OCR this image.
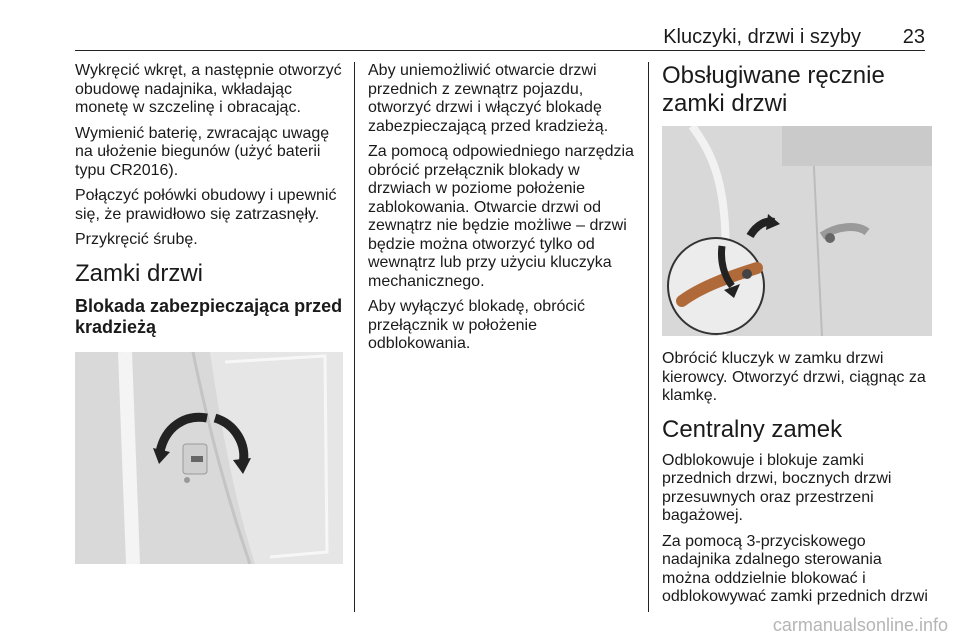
Kluczyki, drzwi i szyby 23

Wykręcić wkręt, a następnie otworzyć obudowę nadajnika, wkładając monetę w szczelinę i obracając.

Wymienić baterię, zwracając uwagę na ułożenie biegunów (użyć baterii typu CR2016).

Połączyć połówki obudowy i upewnić się, że prawidłowo się zatrzasnęły.

Przykręcić śrubę.

Zamki drzwi
Blokada zabezpieczająca przed kradzieżą

Aby uniemożliwić otwarcie drzwi przednich z zewnątrz pojazdu, otworzyć drzwi i włączyć blokadę zabezpieczającą przed kradzieżą.

Za pomocą odpowiedniego narzędzia obrócić przełącznik blokady w drzwiach w poziome położenie zablokowania. Otwarcie drzwi od zewnątrz nie będzie możliwe – drzwi będzie można otworzyć tylko od wewnątrz lub przy użyciu kluczyka mechanicznego.

Aby wyłączyć blokadę, obrócić przełącznik w położenie odblokowania.

Obsługiwane ręcznie zamki drzwi

Obrócić kluczyk w zamku drzwi kierowcy. Otworzyć drzwi, ciągnąc za klamkę.

Centralny zamek

Odblokowuje i blokuje zamki przednich drzwi, bocznych drzwi przesuwnych oraz przestrzeni bagażowej.

Za pomocą 3-przyciskowego nadajnika zdalnego sterowania można oddzielnie blokować i odblokowywać zamki przednich drzwi

carmanualsonline.info
